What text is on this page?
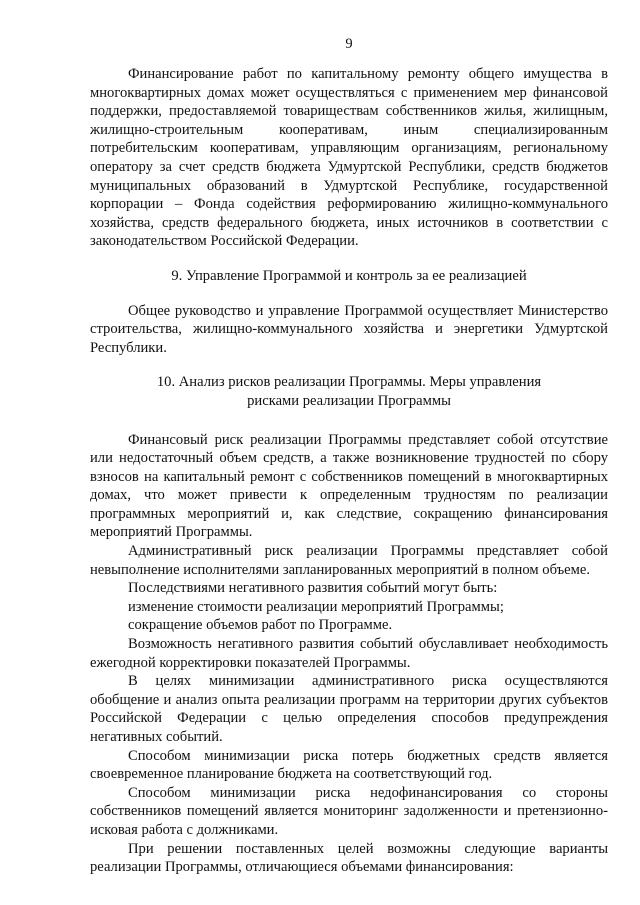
9

Финансирование работ по капитальному ремонту общего имущества в многоквартирных домах может осуществляться с применением мер финансовой поддержки, предоставляемой товариществам собственников жилья, жилищным, жилищно-строительным кооперативам, иным специализированным потребительским кооперативам, управляющим организациям, региональному оператору за счет средств бюджета Удмуртской Республики, средств бюджетов муниципальных образований в Удмуртской Республике, государственной корпорации – Фонда содействия реформированию жилищно-коммунального хозяйства, средств федерального бюджета, иных источников в соответствии с законодательством Российской Федерации.

9. Управление Программой и контроль за ее реализацией

Общее руководство и управление Программой осуществляет Министерство строительства, жилищно-коммунального хозяйства и энергетики Удмуртской Республики.

10. Анализ рисков реализации Программы. Меры управления

рисками реализации Программы

Финансовый риск реализации Программы представляет собой отсутствие или недостаточный объем средств, а также возникновение трудностей по сбору взносов на капитальный ремонт с собственников помещений в многоквартирных домах, что может привести к определенным трудностям по реализации программных мероприятий и, как следствие, сокращению финансирования мероприятий Программы.

Административный риск реализации Программы представляет собой невыполнение исполнителями запланированных мероприятий в полном объеме.

Последствиями негативного развития событий могут быть:

изменение стоимости реализации мероприятий Программы;

сокращение объемов работ по Программе.

Возможность негативного развития событий обуславливает необходимость ежегодной корректировки показателей Программы.

В целях минимизации административного риска осуществляются обобщение и анализ опыта реализации программ на территории других субъектов Российской Федерации с целью определения способов предупреждения негативных событий.

Способом минимизации риска потерь бюджетных средств является своевременное планирование бюджета на соответствующий год.

Способом минимизации риска недофинансирования со стороны собственников помещений является мониторинг задолженности и претензионно-исковая работа с должниками.

При решении поставленных целей возможны следующие варианты реализации Программы, отличающиеся объемами финансирования:
